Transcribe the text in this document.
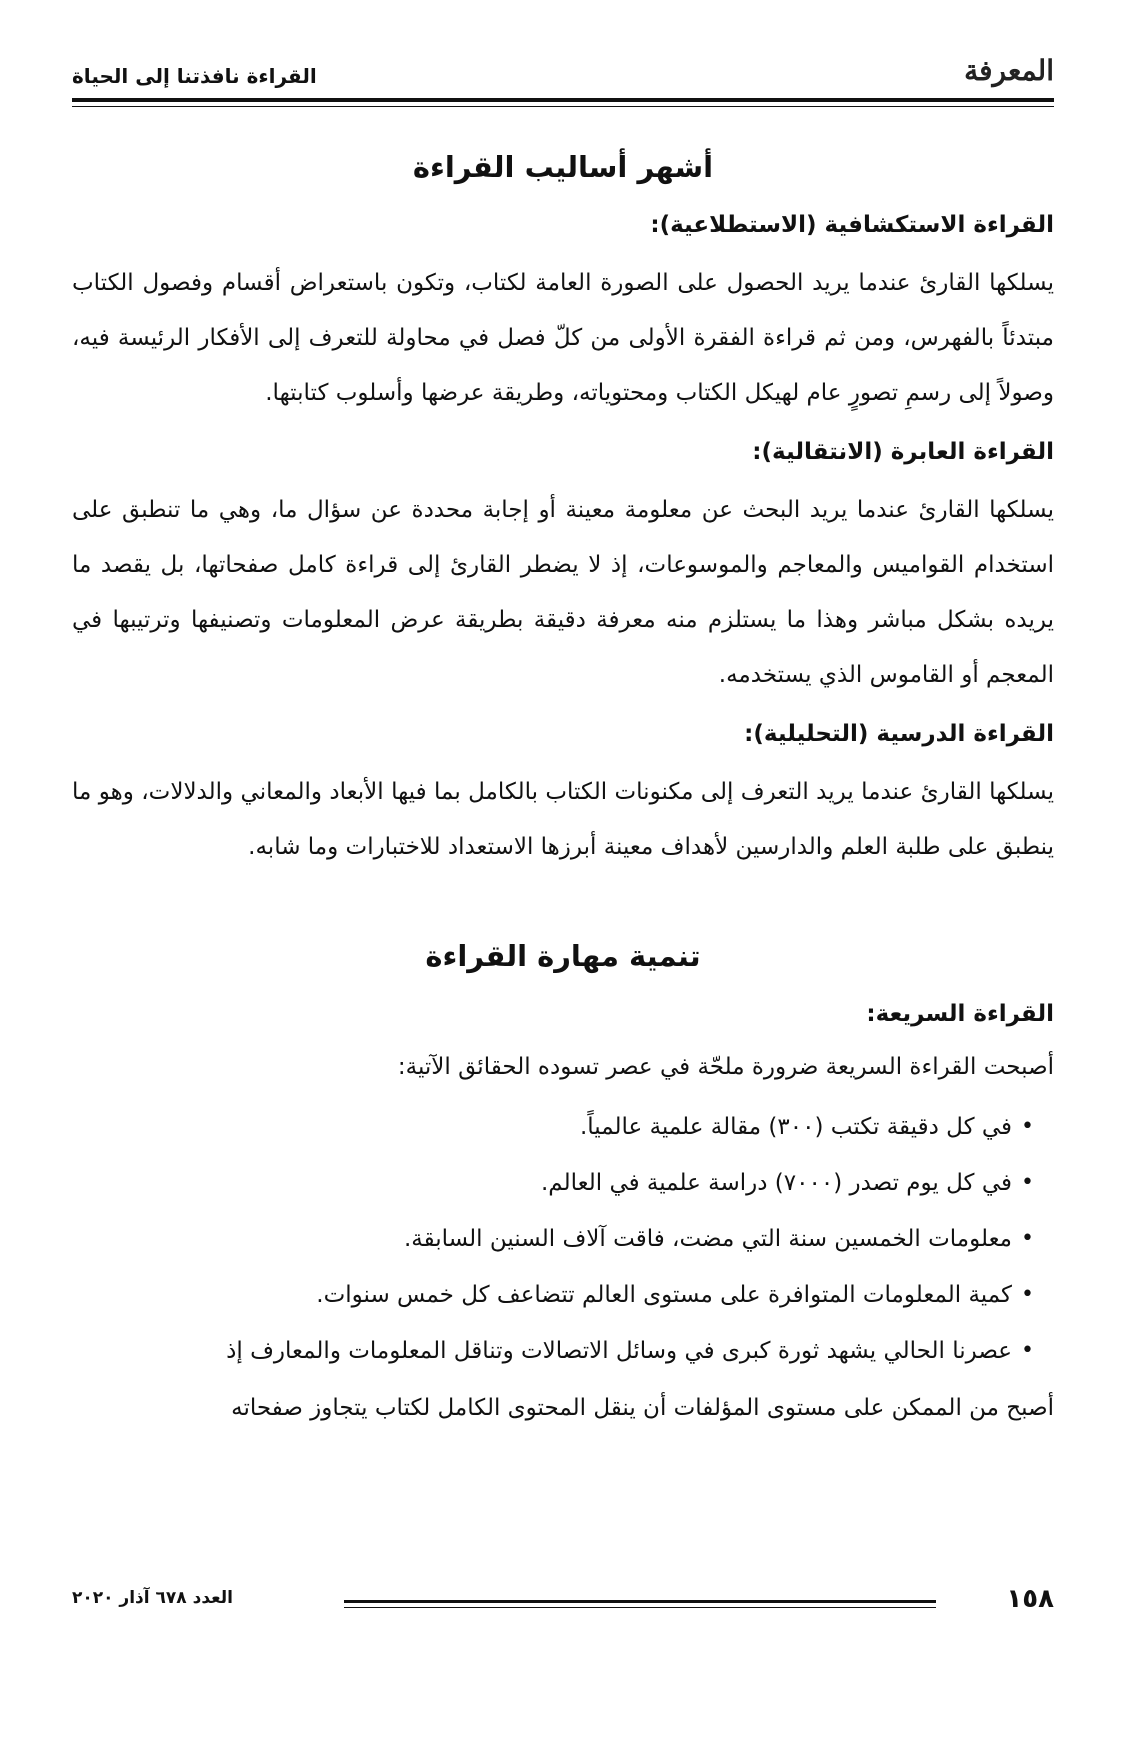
المعرفة
القراءة نافذتنا إلى الحياة
أشهر أساليب القراءة
القراءة الاستكشافية (الاستطلاعية):

يسلكها القارئ عندما يريد الحصول على الصورة العامة لكتاب، وتكون باستعراض أقسام وفصول الكتاب مبتدئاً بالفهرس، ومن ثم قراءة الفقرة الأولى من كلّ فصل في محاولة للتعرف إلى الأفكار الرئيسة فيه، وصولاً إلى رسمِ تصورٍ عام لهيكل الكتاب ومحتوياته، وطريقة عرضها وأسلوب كتابتها.

القراءة العابرة (الانتقالية):

يسلكها القارئ عندما يريد البحث عن معلومة معينة أو إجابة محددة عن سؤال ما، وهي ما تنطبق على استخدام القواميس والمعاجم والموسوعات، إذ لا يضطر القارئ إلى قراءة كامل صفحاتها، بل يقصد ما يريده بشكل مباشر وهذا ما يستلزم منه معرفة دقيقة بطريقة عرض المعلومات وتصنيفها وترتيبها في المعجم أو القاموس الذي يستخدمه.

القراءة الدرسية (التحليلية):

يسلكها القارئ عندما يريد التعرف إلى مكنونات الكتاب بالكامل بما فيها الأبعاد والمعاني والدلالات، وهو ما ينطبق على طلبة العلم والدارسين لأهداف معينة أبرزها الاستعداد للاختبارات وما شابه.

تنمية مهارة القراءة
القراءة السريعة:
أصبحت القراءة السريعة ضرورة ملحّة في عصر تسوده الحقائق الآتية:
• في كل دقيقة تكتب (٣٠٠) مقالة علمية عالمياً.
• في كل يوم تصدر (٧٠٠٠) دراسة علمية في العالم.
• معلومات الخمسين سنة التي مضت، فاقت آلاف السنين السابقة.
• كمية المعلومات المتوافرة على مستوى العالم تتضاعف كل خمس سنوات.
• عصرنا الحالي يشهد ثورة كبرى في وسائل الاتصالات وتناقل المعلومات والمعارف إذ
أصبح من الممكن على مستوى المؤلفات أن ينقل المحتوى الكامل لكتاب يتجاوز صفحاته
١٥٨
العدد ٦٧٨ آذار ٢٠٢٠
